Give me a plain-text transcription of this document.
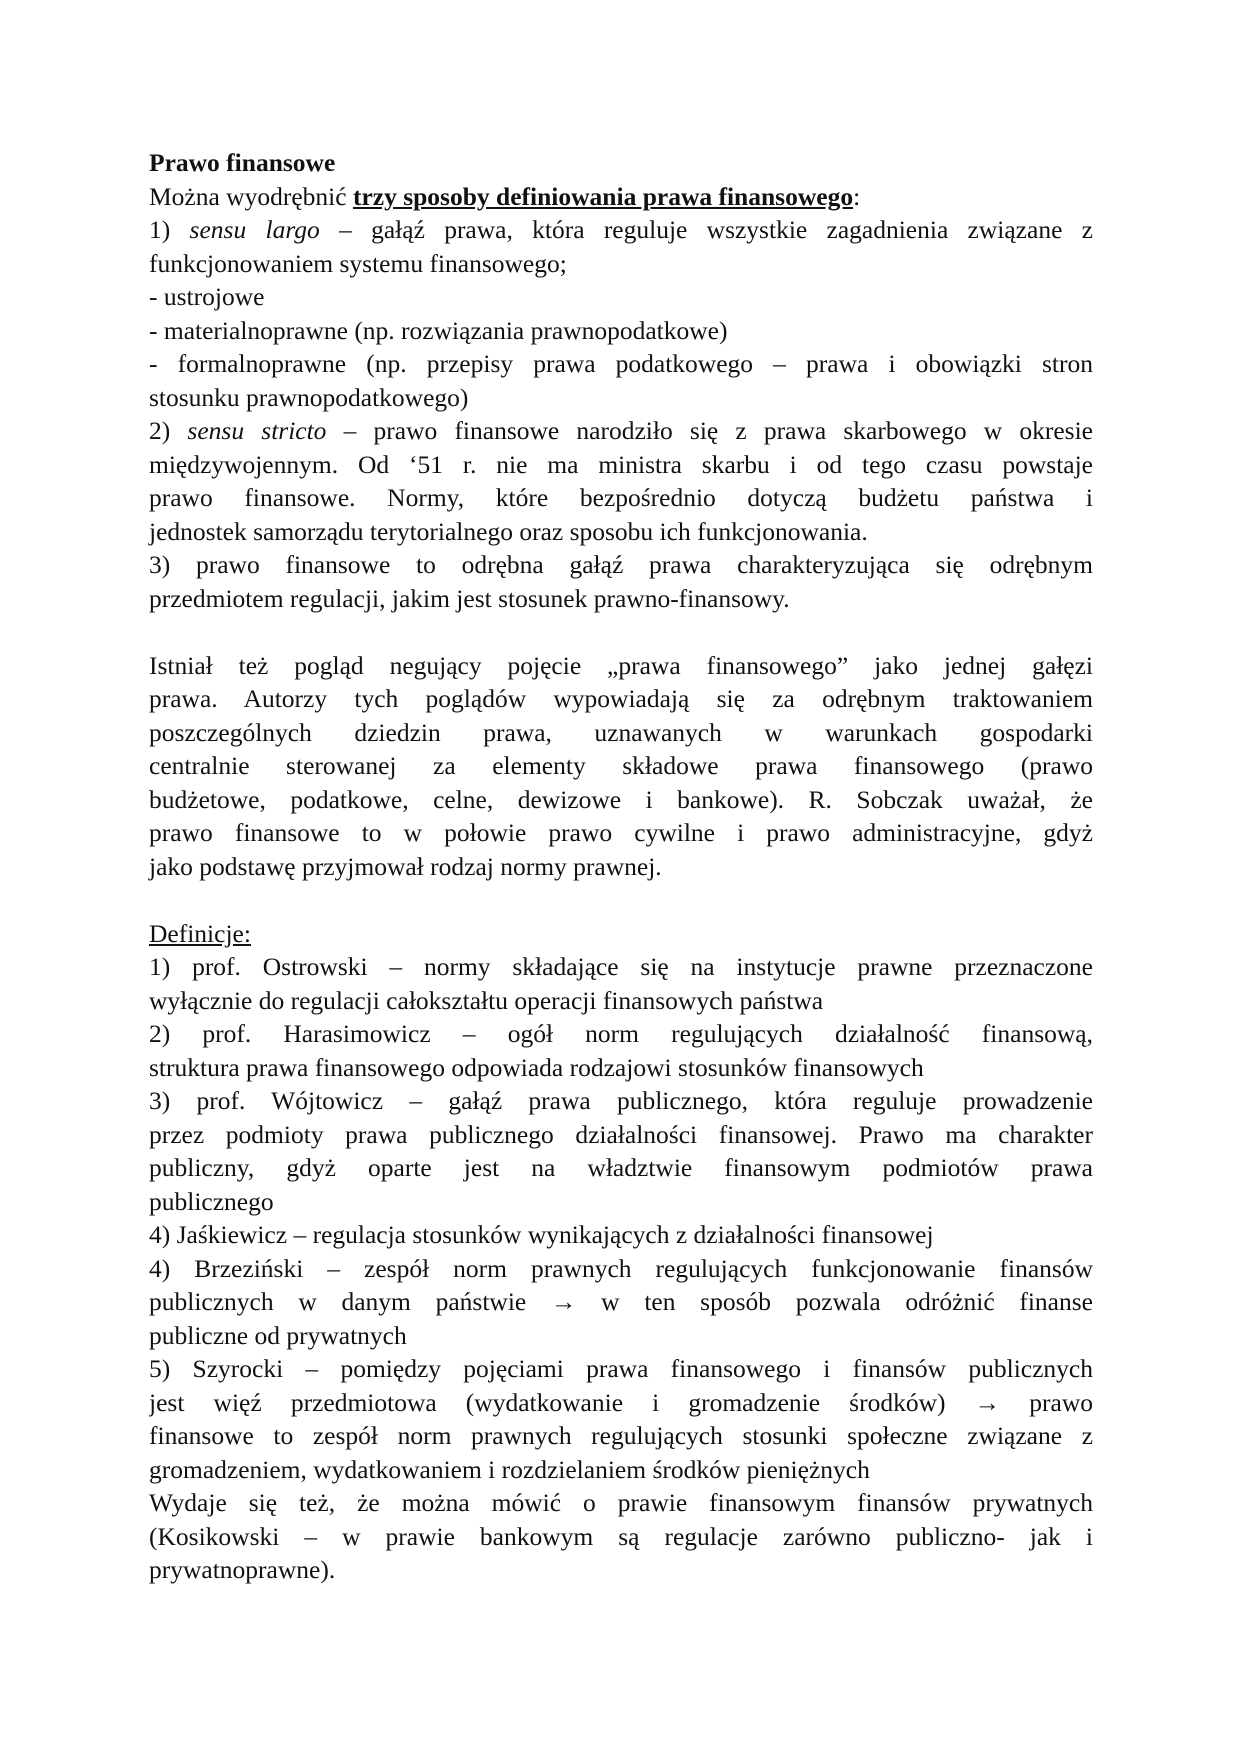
Prawo finansowe
Można wyodrębnić trzy sposoby definiowania prawa finansowego:
1) sensu largo – gałąź prawa, która reguluje wszystkie zagadnienia związane z
funkcjonowaniem systemu finansowego;
- ustrojowe
- materialnoprawne (np. rozwiązania prawnopodatkowe)
- formalnoprawne (np. przepisy prawa podatkowego – prawa i obowiązki stron
stosunku prawnopodatkowego)
2) sensu stricto – prawo finansowe narodziło się z prawa skarbowego w okresie
międzywojennym. Od ‘51 r. nie ma ministra skarbu i od tego czasu powstaje
prawo finansowe. Normy, które bezpośrednio dotyczą budżetu państwa i
jednostek samorządu terytorialnego oraz sposobu ich funkcjonowania.
3) prawo finansowe to odrębna gałąź prawa charakteryzująca się odrębnym
przedmiotem regulacji, jakim jest stosunek prawno-finansowy.
Istniał też pogląd negujący pojęcie „prawa finansowego” jako jednej gałęzi
prawa. Autorzy tych poglądów wypowiadają się za odrębnym traktowaniem
poszczególnych dziedzin prawa, uznawanych w warunkach gospodarki
centralnie sterowanej za elementy składowe prawa finansowego (prawo
budżetowe, podatkowe, celne, dewizowe i bankowe). R. Sobczak uważał, że
prawo finansowe to w połowie prawo cywilne i prawo administracyjne, gdyż
jako podstawę przyjmował rodzaj normy prawnej.
Definicje:
1) prof. Ostrowski – normy składające się na instytucje prawne przeznaczone
wyłącznie do regulacji całokształtu operacji finansowych państwa
2) prof. Harasimowicz – ogół norm regulujących działalność finansową,
struktura prawa finansowego odpowiada rodzajowi stosunków finansowych
3) prof. Wójtowicz – gałąź prawa publicznego, która reguluje prowadzenie
przez podmioty prawa publicznego działalności finansowej. Prawo ma charakter
publiczny, gdyż oparte jest na władztwie finansowym podmiotów prawa
publicznego
4) Jaśkiewicz – regulacja stosunków wynikających z działalności finansowej
4) Brzeziński – zespół norm prawnych regulujących funkcjonowanie finansów
publicznych w danym państwie → w ten sposób pozwala odróżnić finanse
publiczne od prywatnych
5) Szyrocki – pomiędzy pojęciami prawa finansowego i finansów publicznych
jest więź przedmiotowa (wydatkowanie i gromadzenie środków) → prawo
finansowe to zespół norm prawnych regulujących stosunki społeczne związane z
gromadzeniem, wydatkowaniem i rozdzielaniem środków pieniężnych
Wydaje się też, że można mówić o prawie finansowym finansów prywatnych
(Kosikowski – w prawie bankowym są regulacje zarówno publiczno- jak i
prywatnoprawne).
